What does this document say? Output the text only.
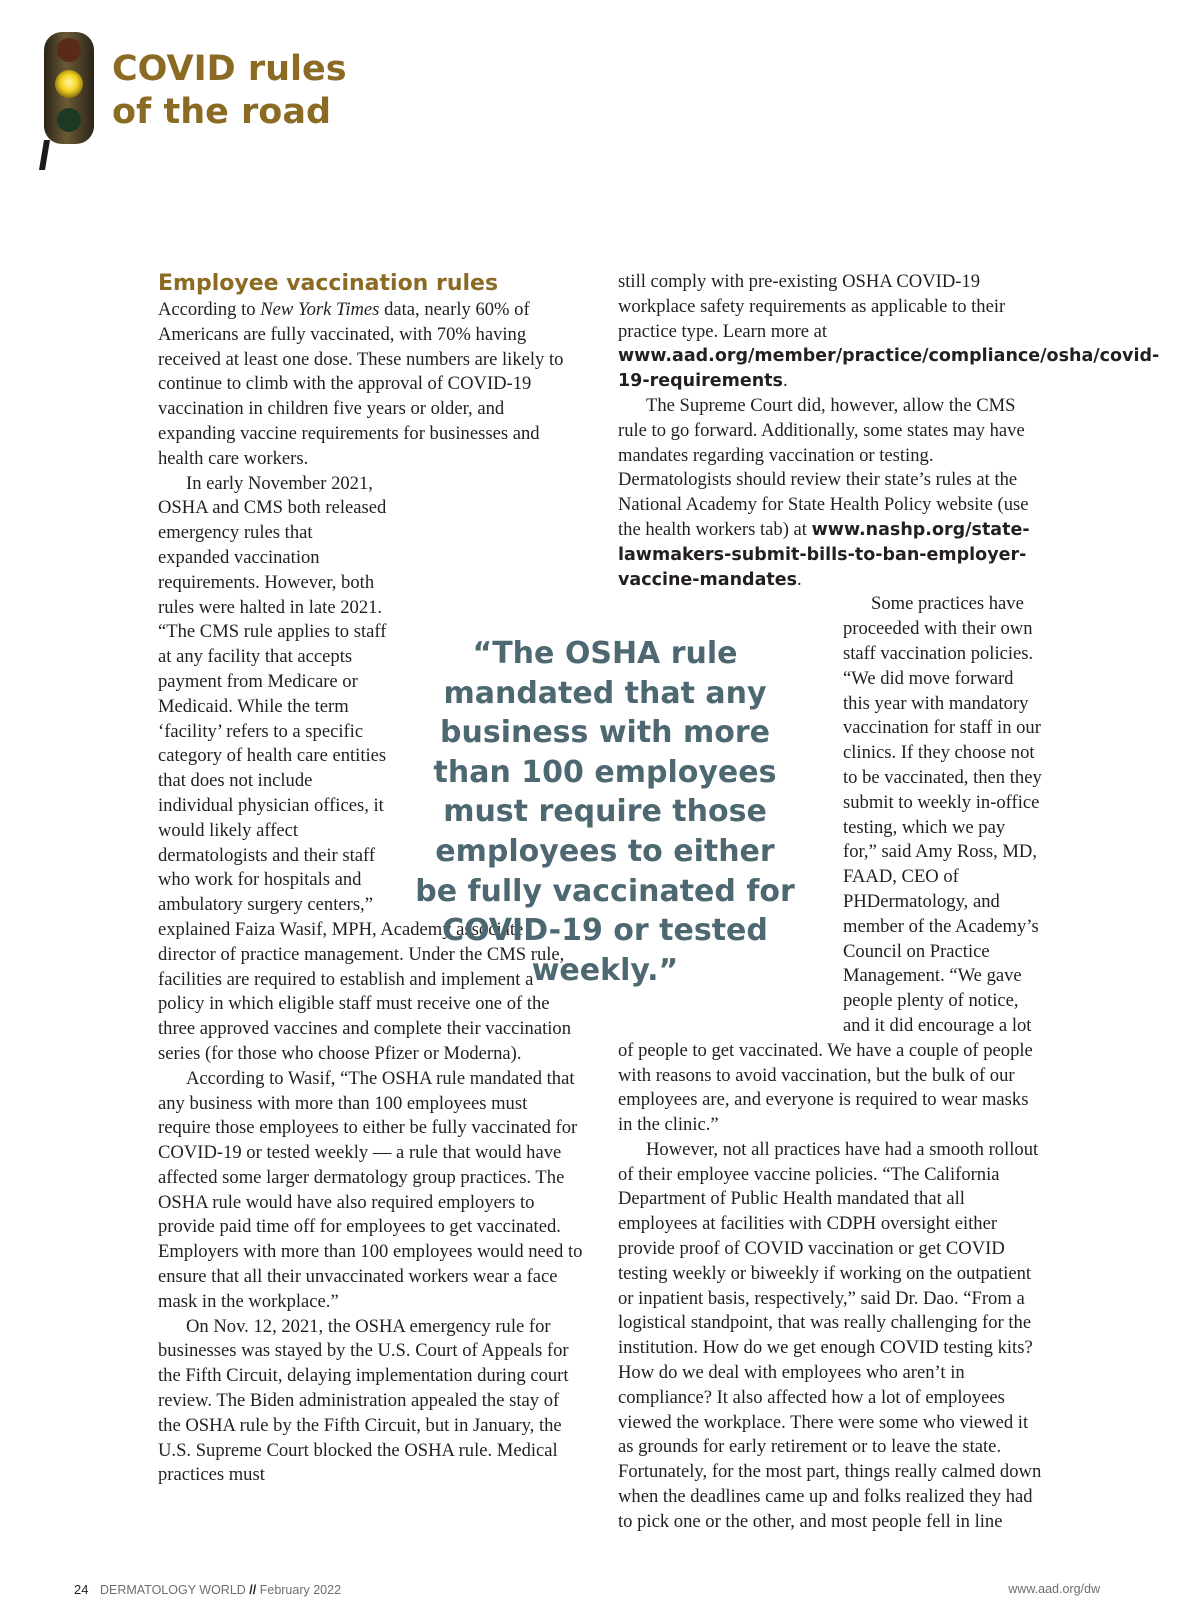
COVID rules
of the road
Employee vaccination rules

According to New York Times data, nearly 60% of Americans are fully vaccinated, with 70% having received at least one dose. These numbers are likely to continue to climb with the approval of COVID-19 vaccination in children five years or older, and expanding vaccine requirements for businesses and health care workers.

In early November 2021, OSHA and CMS both released emergency rules that expanded vaccination requirements. However, both rules were halted in late 2021. “The CMS rule applies to staff at any facility that accepts payment from Medicare or Medicaid. While the term ‘facility’ refers to a specific category of health care entities that does not include individual physician offices, it would likely affect dermatologists and their staff who work for hospitals and ambulatory surgery centers,” explained Faiza Wasif, MPH, Academy associate director of practice management. Under the CMS rule, facilities are required to establish and implement a policy in which eligible staff must receive one of the three approved vaccines and complete their vaccination series (for those who choose Pfizer or Moderna).

According to Wasif, “The OSHA rule mandated that any business with more than 100 employees must require those employees to either be fully vaccinated for COVID-19 or tested weekly — a rule that would have affected some larger dermatology group practices. The OSHA rule would have also required employers to provide paid time off for employees to get vaccinated. Employers with more than 100 employees would need to ensure that all their unvaccinated workers wear a face mask in the workplace.”

On Nov. 12, 2021, the OSHA emergency rule for businesses was stayed by the U.S. Court of Appeals for the Fifth Circuit, delaying implementation during court review. The Biden administration appealed the stay of the OSHA rule by the Fifth Circuit, but in January, the U.S. Supreme Court blocked the OSHA rule. Medical practices must

still comply with pre-existing OSHA COVID-19 workplace safety requirements as applicable to their practice type. Learn more at www.aad.org/member/practice/compliance/osha/covid-19-requirements.

The Supreme Court did, however, allow the CMS rule to go forward. Additionally, some states may have mandates regarding vaccination or testing. Dermatologists should review their state’s rules at the National Academy for State Health Policy website (use the health workers tab) at www.nashp.org/state-lawmakers-submit-bills-to-ban-employer-vaccine-mandates.

Some practices have proceeded with their own staff vaccination policies. “We did move forward this year with mandatory vaccination for staff in our clinics. If they choose not to be vaccinated, then they submit to weekly in-office testing, which we pay for,” said Amy Ross, MD, FAAD, CEO of PHDermatology, and member of the Academy’s Council on Practice Management. “We gave people plenty of notice, and it did encourage a lot of people to get vaccinated. We have a couple of people with reasons to avoid vaccination, but the bulk of our employees are, and everyone is required to wear masks in the clinic.”

However, not all practices have had a smooth rollout of their employee vaccine policies. “The California Department of Public Health mandated that all employees at facilities with CDPH oversight either provide proof of COVID vaccination or get COVID testing weekly or biweekly if working on the outpatient or inpatient basis, respectively,” said Dr. Dao. “From a logistical standpoint, that was really challenging for the institution. How do we get enough COVID testing kits? How do we deal with employees who aren’t in compliance? It also affected how a lot of employees viewed the workplace. There were some who viewed it as grounds for early retirement or to leave the state. Fortunately, for the most part, things really calmed down when the deadlines came up and folks realized they had to pick one or the other, and most people fell in line

“The OSHA rule mandated that any business with more than 100 employees must require those employees to either be fully vaccinated for COVID-19 or tested weekly.”

24 DERMATOLOGY WORLD // February 2022	www.aad.org/dw
